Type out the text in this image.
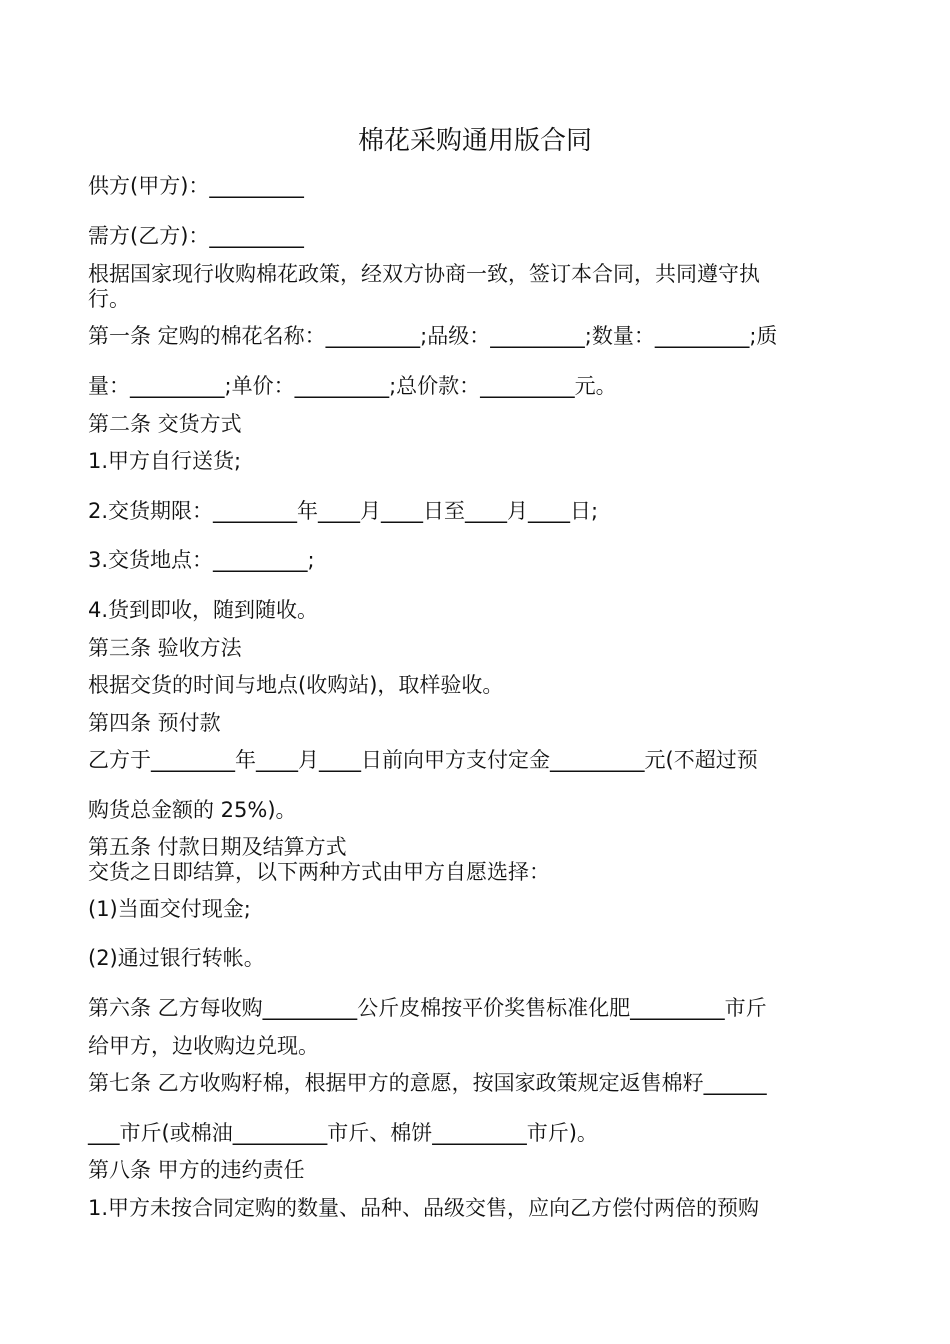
棉花采购通用版合同

供方(甲方)：_________

需方(乙方)：_________

根据国家现行收购棉花政策，经双方协商一致，签订本合同，共同遵守执

行。

第一条 定购的棉花名称：_________;品级：_________;数量：_________;质

量：_________;单价：_________;总价款：_________元。

第二条 交货方式

1.甲方自行送货;

2.交货期限：________年____月____日至____月____日;

3.交货地点：_________;

4.货到即收，随到随收。

第三条 验收方法

根据交货的时间与地点(收购站)，取样验收。

第四条 预付款

乙方于________年____月____日前向甲方支付定金_________元(不超过预

购货总金额的 25%)。

第五条 付款日期及结算方式

交货之日即结算，以下两种方式由甲方自愿选择：

(1)当面交付现金;

(2)通过银行转帐。

第六条 乙方每收购_________公斤皮棉按平价奖售标准化肥_________市斤

给甲方，边收购边兑现。

第七条 乙方收购籽棉，根据甲方的意愿，按国家政策规定返售棉籽______

___市斤(或棉油_________市斤、棉饼_________市斤)。

第八条 甲方的违约责任

1.甲方未按合同定购的数量、品种、品级交售，应向乙方偿付两倍的预购
